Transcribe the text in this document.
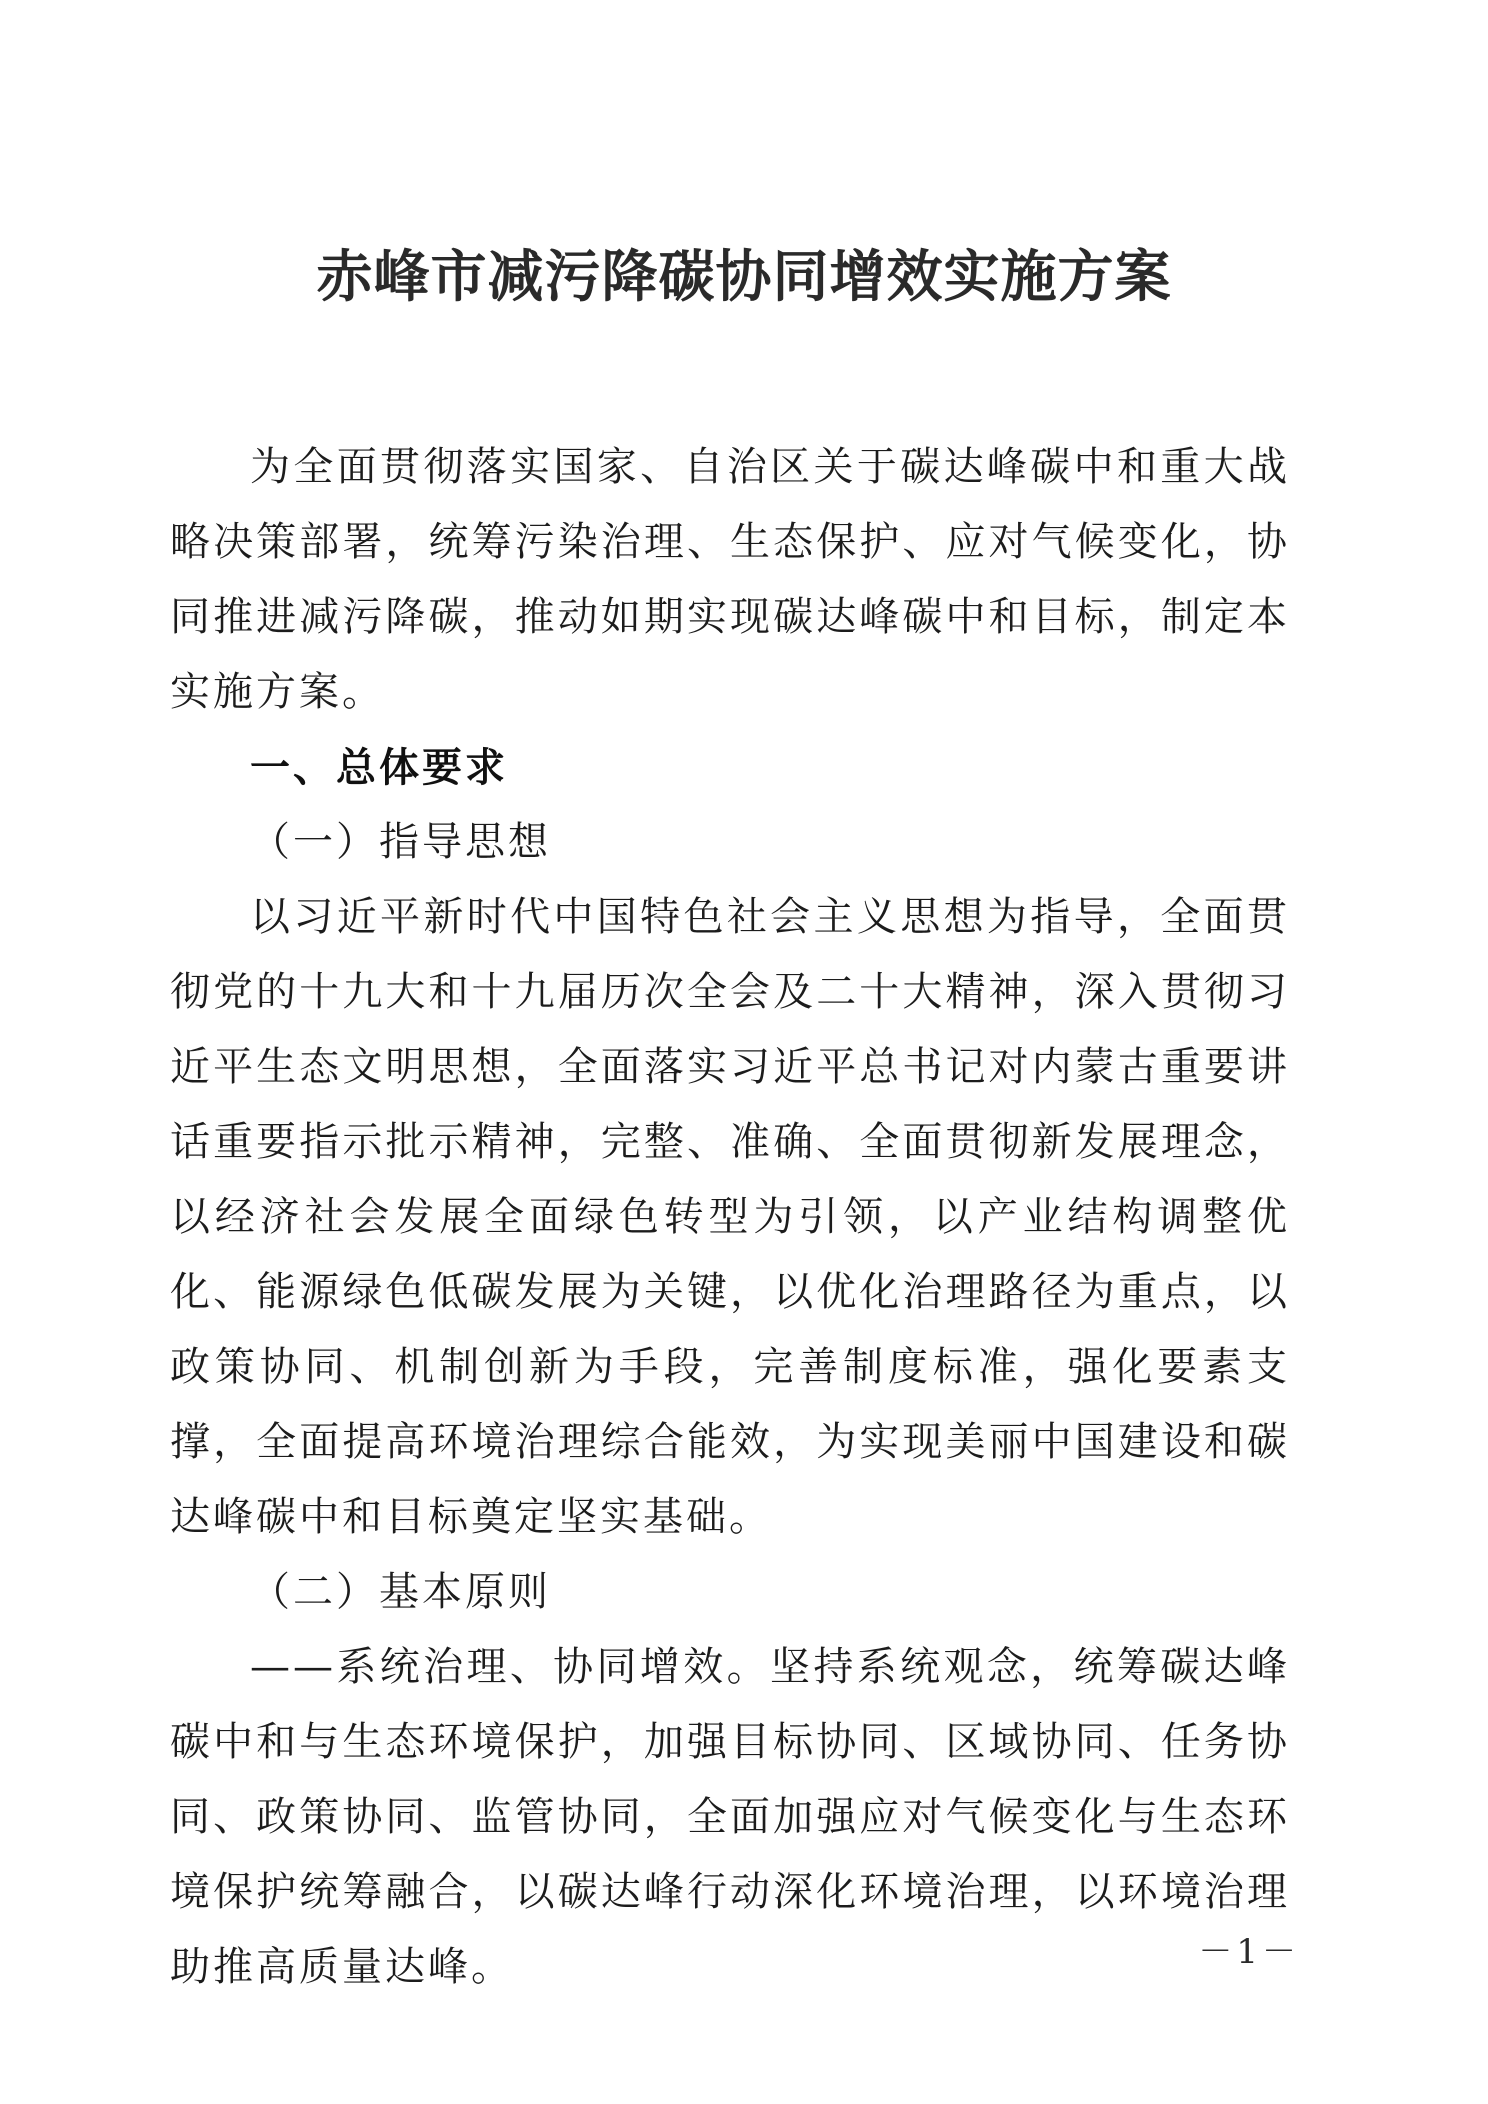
赤峰市减污降碳协同增效实施方案

为全面贯彻落实国家、自治区关于碳达峰碳中和重大战略决策部署，统筹污染治理、生态保护、应对气候变化，协同推进减污降碳，推动如期实现碳达峰碳中和目标，制定本实施方案。

一、总体要求

（一）指导思想

以习近平新时代中国特色社会主义思想为指导，全面贯彻党的十九大和十九届历次全会及二十大精神，深入贯彻习近平生态文明思想，全面落实习近平总书记对内蒙古重要讲话重要指示批示精神，完整、准确、全面贯彻新发展理念，以经济社会发展全面绿色转型为引领，以产业结构调整优化、能源绿色低碳发展为关键，以优化治理路径为重点，以政策协同、机制创新为手段，完善制度标准，强化要素支撑，全面提高环境治理综合能效，为实现美丽中国建设和碳达峰碳中和目标奠定坚实基础。

（二）基本原则

——系统治理、协同增效。坚持系统观念，统筹碳达峰碳中和与生态环境保护，加强目标协同、区域协同、任务协同、政策协同、监管协同，全面加强应对气候变化与生态环境保护统筹融合，以碳达峰行动深化环境治理，以环境治理助推高质量达峰。	－1－
